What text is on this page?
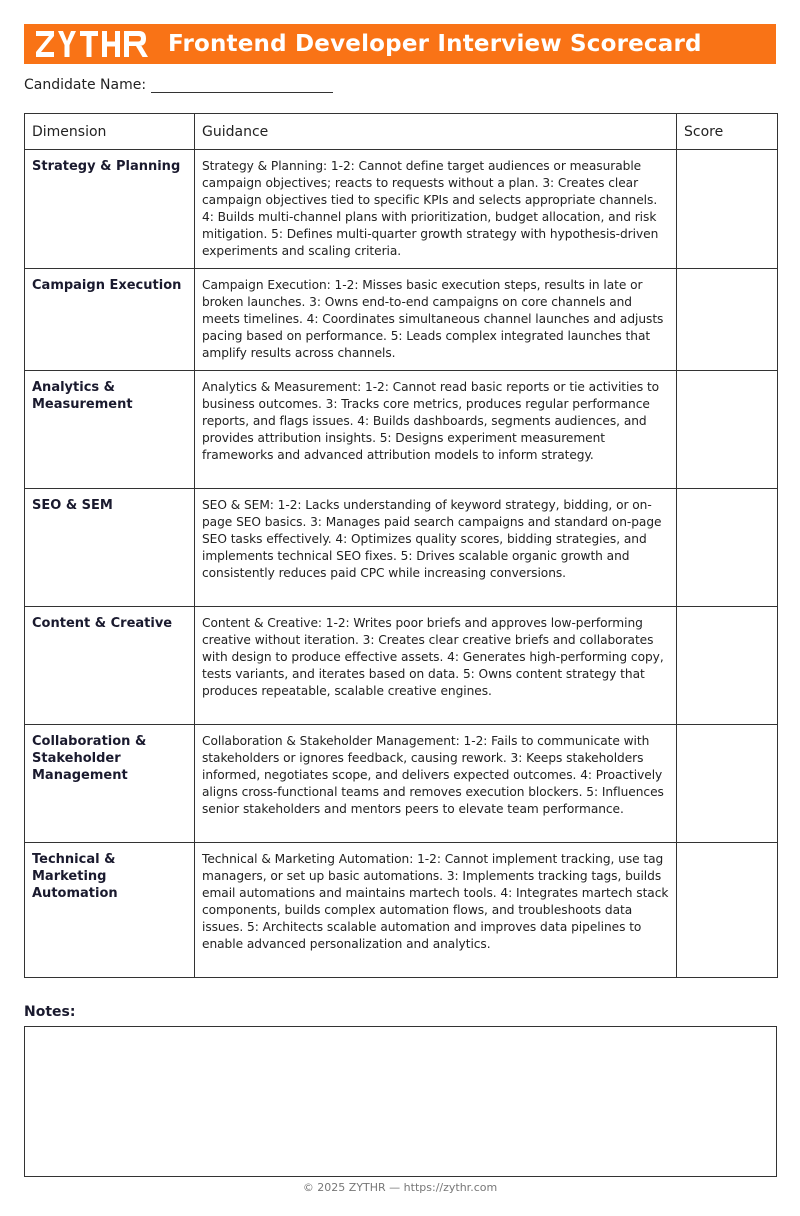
Frontend Developer Interview Scorecard
Candidate Name:
Dimension	Guidance	Score
Strategy & Planning	Strategy & Planning: 1-2: Cannot define target audiences or measurable campaign objectives; reacts to requests without a plan. 3: Creates clear campaign objectives tied to specific KPIs and selects appropriate channels. 4: Builds multi-channel plans with prioritization, budget allocation, and risk mitigation. 5: Defines multi-quarter growth strategy with hypothesis-driven experiments and scaling criteria.	
Campaign Execution	Campaign Execution: 1-2: Misses basic execution steps, results in late or broken launches. 3: Owns end-to-end campaigns on core channels and meets timelines. 4: Coordinates simultaneous channel launches and adjusts pacing based on performance. 5: Leads complex integrated launches that amplify results across channels.	
Analytics & Measurement	Analytics & Measurement: 1-2: Cannot read basic reports or tie activities to business outcomes. 3: Tracks core metrics, produces regular performance reports, and flags issues. 4: Builds dashboards, segments audiences, and provides attribution insights. 5: Designs experiment measurement frameworks and advanced attribution models to inform strategy.	
SEO & SEM	SEO & SEM: 1-2: Lacks understanding of keyword strategy, bidding, or on-page SEO basics. 3: Manages paid search campaigns and standard on-page SEO tasks effectively. 4: Optimizes quality scores, bidding strategies, and implements technical SEO fixes. 5: Drives scalable organic growth and consistently reduces paid CPC while increasing conversions.	
Content & Creative	Content & Creative: 1-2: Writes poor briefs and approves low-performing creative without iteration. 3: Creates clear creative briefs and collaborates with design to produce effective assets. 4: Generates high-performing copy, tests variants, and iterates based on data. 5: Owns content strategy that produces repeatable, scalable creative engines.	
Collaboration & Stakeholder Management	Collaboration & Stakeholder Management: 1-2: Fails to communicate with stakeholders or ignores feedback, causing rework. 3: Keeps stakeholders informed, negotiates scope, and delivers expected outcomes. 4: Proactively aligns cross-functional teams and removes execution blockers. 5: Influences senior stakeholders and mentors peers to elevate team performance.	
Technical & Marketing Automation	Technical & Marketing Automation: 1-2: Cannot implement tracking, use tag managers, or set up basic automations. 3: Implements tracking tags, builds email automations and maintains martech tools. 4: Integrates martech stack components, builds complex automation flows, and troubleshoots data issues. 5: Architects scalable automation and improves data pipelines to enable advanced personalization and analytics.	
Notes:
© 2025 ZYTHR — https://zythr.com
